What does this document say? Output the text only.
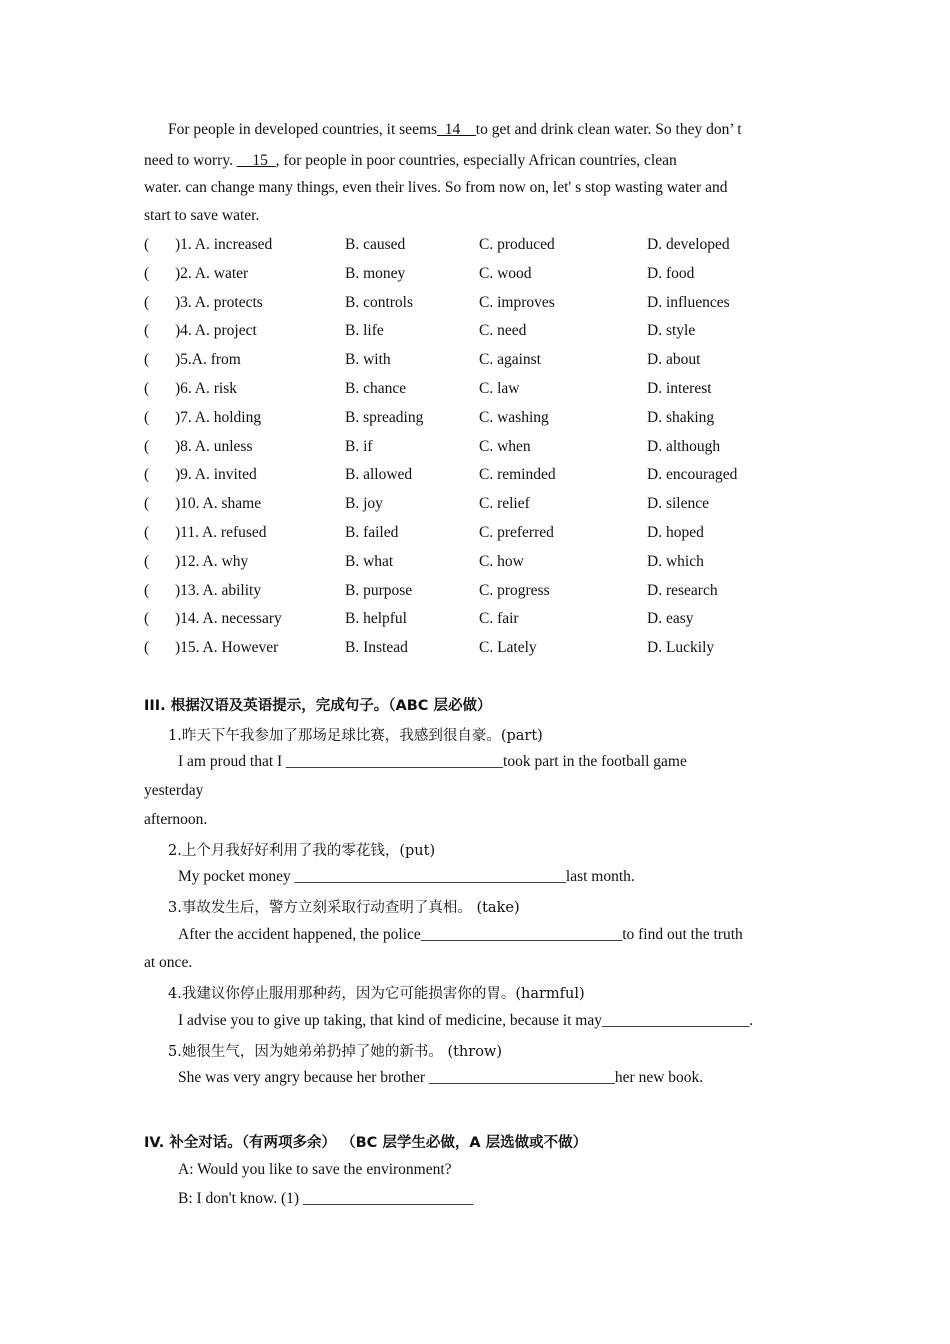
For people in developed countries, it seems_14__to get and drink clean water. So they don’ t
need to worry. __15_, for people in poor countries, especially African countries, clean
water. can change many things, even their lives. So from now on, let' s stop wasting water and
start to save water.
( )1. A. increased	B. caused	C. produced	D. developed
( )2. A. water	B. money	C. wood	D. food
( )3. A. protects	B. controls	C. improves	D. influences
( )4. A. project	B. life	C. need	D. style
( )5.A. from	B. with	C. against	D. about
( )6. A. risk	B. chance	C. law	D. interest
( )7. A. holding	B. spreading	C. washing	D. shaking
( )8. A. unless	B. if	C. when	D. although
( )9. A. invited	B. allowed	C. reminded	D. encouraged
( )10. A. shame	B. joy	C. relief	D. silence
( )11. A. refused	B. failed	C. preferred	D. hoped
( )12. A. why	B. what	C. how	D. which
( )13. A. ability	B. purpose	C. progress	D. research
( )14. A. necessary	B. helpful	C. fair	D. easy
( )15. A. However	B. Instead	C. Lately	D. Luckily
III. 根据汉语及英语提示，完成句子。（ABC 层必做）
1.昨天下午我参加了那场足球比赛，我感到很自豪。(part)
I am proud that I ____________________________took part in the football game
yesterday
afternoon.
2.上个月我好好利用了我的零花钱，(put)
My pocket money ___________________________________last month.
3.事故发生后，警方立刻采取行动查明了真相。 (take)
After the accident happened, the police__________________________to find out the truth
at once.
4.我建议你停止服用那种药，因为它可能损害你的胃。(harmful)
I advise you to give up taking, that kind of medicine, because it may___________________.
5.她很生气，因为她弟弟扔掉了她的新书。 (throw)
She was very angry because her brother ________________________her new book.
IV. 补全对话。（有两项多余） （BC 层学生必做，A 层选做或不做）
A: Would you like to save the environment?
B: I don't know. (1) ______________________
